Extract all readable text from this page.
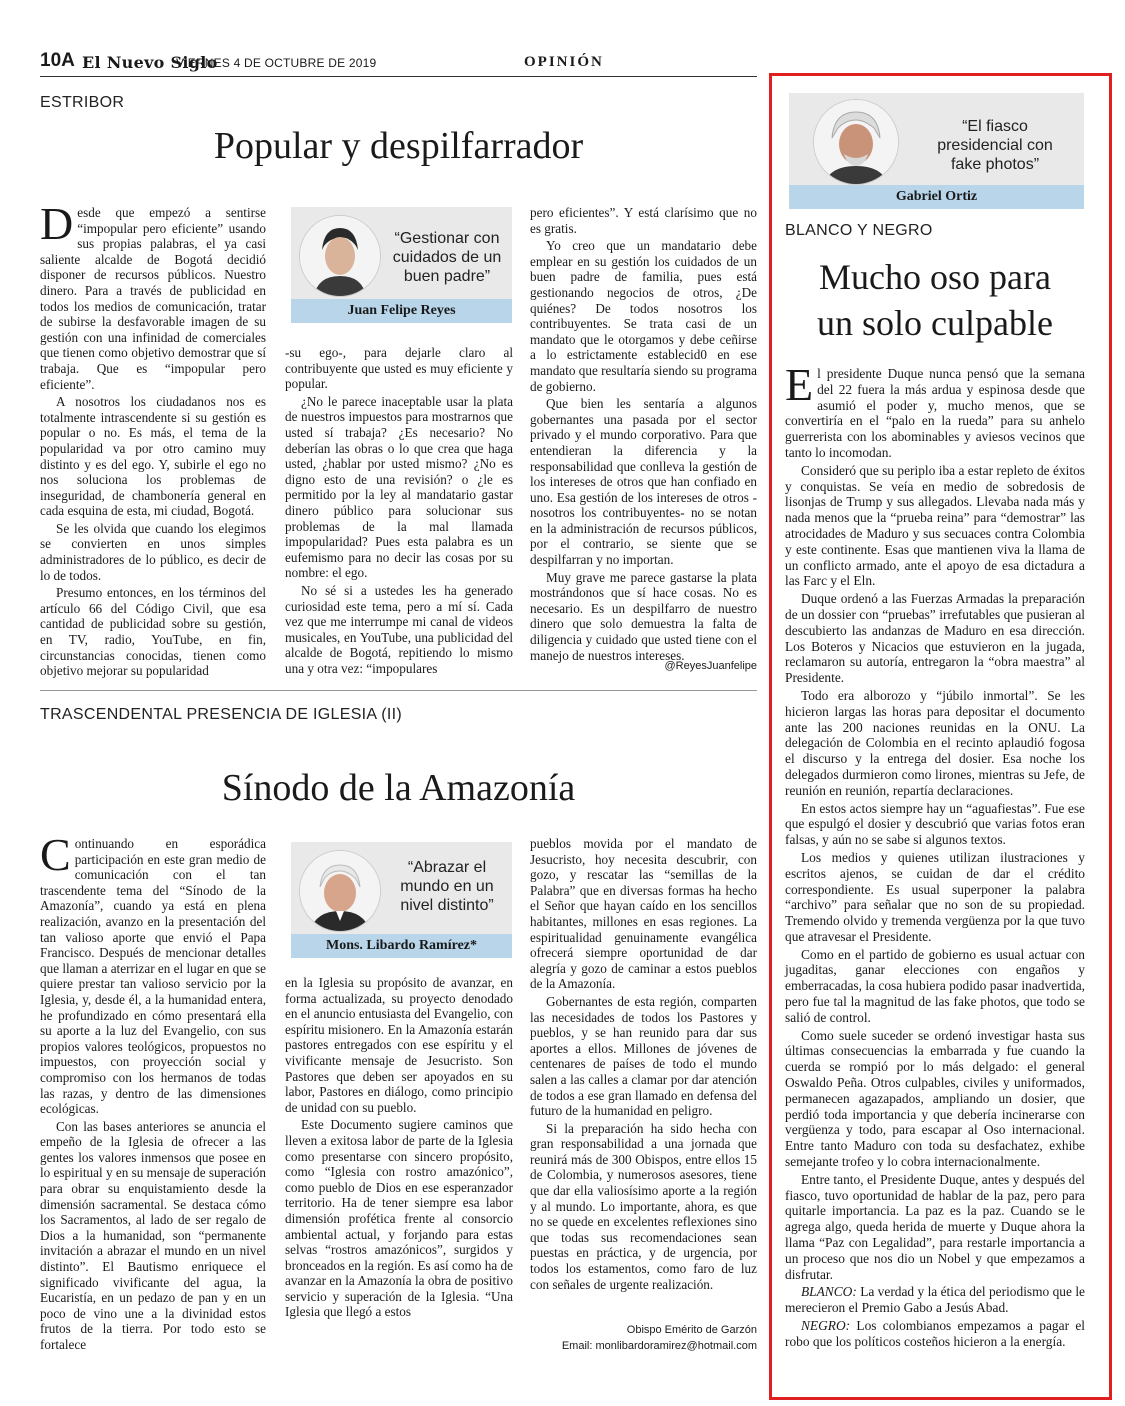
10A El Nuevo Siglo
VIERNES 4 DE OCTUBRE DE 2019	OPINIÓN
ESTRIBOR
Popular y despilfarrador

Desde que empezó a sentirse “impopular pero eficiente” usando sus propias palabras, el ya casi saliente alcalde de Bogotá decidió disponer de recursos públicos. Nuestro dinero. Para a través de publicidad en todos los medios de comunicación, tratar de subirse la desfavorable imagen de su gestión con una infinidad de comerciales que tienen como objetivo demostrar que sí trabaja. Que es “impopular pero eficiente”.

A nosotros los ciudadanos nos es totalmente intrascendente si su gestión es popular o no. Es más, el tema de la popularidad va por otro camino muy distinto y es del ego. Y, subirle el ego no nos soluciona los problemas de inseguridad, de chambonería general en cada esquina de esta, mi ciudad, Bogotá.

Se les olvida que cuando los elegimos se convierten en unos simples administradores de lo público, es decir de lo de todos.

Presumo entonces, en los términos del artículo 66 del Código Civil, que esa cantidad de publicidad sobre su gestión, en TV, radio, YouTube, en fin, circunstancias conocidas, tienen como objetivo mejorar su popularidad

“Gestionar con cuidados de un buen padre”
Juan Felipe Reyes

-su ego-, para dejarle claro al contribuyente que usted es muy eficiente y popular.

¿No le parece inaceptable usar la plata de nuestros impuestos para mostrarnos que usted sí trabaja? ¿Es necesario? No deberían las obras o lo que crea que haga usted, ¿hablar por usted mismo? ¿No es digno esto de una revisión? o ¿le es permitido por la ley al mandatario gastar dinero público para solucionar sus problemas de la mal llamada impopularidad? Pues esta palabra es un eufemismo para no decir las cosas por su nombre: el ego.

No sé si a ustedes les ha generado curiosidad este tema, pero a mí sí. Cada vez que me interrumpe mi canal de videos musicales, en YouTube, una publicidad del alcalde de Bogotá, repitiendo lo mismo una y otra vez: “impopulares

pero eficientes”. Y está clarísimo que no es gratis.

Yo creo que un mandatario debe emplear en su gestión los cuidados de un buen padre de familia, pues está gestionando negocios de otros, ¿De quiénes? De todos nosotros los contribuyentes. Se trata casi de un mandato que le otorgamos y debe ceñirse a lo estrictamente establecid0 en ese mandato que resultaría siendo su programa de gobierno.

Que bien les sentaría a algunos gobernantes una pasada por el sector privado y el mundo corporativo. Para que entendieran la diferencia y la responsabilidad que conlleva la gestión de los intereses de otros que han confiado en uno. Esa gestión de los intereses de otros -nosotros los contribuyentes- no se notan en la administración de recursos públicos, por el contrario, se siente que se despilfarran y no importan.

Muy grave me parece gastarse la plata mostrándonos que sí hace cosas. No es necesario. Es un despilfarro de nuestro dinero que solo demuestra la falta de diligencia y cuidado que usted tiene con el manejo de nuestros intereses.

@ReyesJuanfelipe
TRASCENDENTAL PRESENCIA DE IGLESIA (II)
Sínodo de la Amazonía

Continuando en esporádica participación en este gran medio de comunicación con el tan trascendente tema del “Sínodo de la Amazonía”, cuando ya está en plena realización, avanzo en la presentación del tan valioso aporte que envió el Papa Francisco. Después de mencionar detalles que llaman a aterrizar en el lugar en que se quiere prestar tan valioso servicio por la Iglesia, y, desde él, a la humanidad entera, he profundizado en cómo presentará ella su aporte a la luz del Evangelio, con sus propios valores teológicos, propuestos no impuestos, con proyección social y compromiso con los hermanos de todas las razas, y dentro de las dimensiones ecológicas.

Con las bases anteriores se anuncia el empeño de la Iglesia de ofrecer a las gentes los valores inmensos que posee en lo espiritual y en su mensaje de superación para obrar su enquistamiento desde la dimensión sacramental. Se destaca cómo los Sacramentos, al lado de ser regalo de Dios a la humanidad, son “permanente invitación a abrazar el mundo en un nivel distinto”. El Bautismo enriquece el significado vivificante del agua, la Eucaristía, en un pedazo de pan y en un poco de vino une a la divinidad estos frutos de la tierra. Por todo esto se fortalece

“Abrazar el mundo en un nivel distinto”
Mons. Libardo Ramírez*

en la Iglesia su propósito de avanzar, en forma actualizada, su proyecto denodado en el anuncio entusiasta del Evangelio, con espíritu misionero. En la Amazonía estarán pastores entregados con ese espíritu y el vivificante mensaje de Jesucristo. Son Pastores que deben ser apoyados en su labor, Pastores en diálogo, como principio de unidad con su pueblo.

Este Documento sugiere caminos que lleven a exitosa labor de parte de la Iglesia como presentarse con sincero propósito, como “Iglesia con rostro amazónico”, como pueblo de Dios en ese esperanzador territorio. Ha de tener siempre esa labor dimensión profética frente al consorcio ambiental actual, y forjando para estas selvas “rostros amazónicos”, surgidos y bronceados en la región. Es así como ha de avanzar en la Amazonía la obra de positivo servicio y superación de la Iglesia. “Una Iglesia que llegó a estos

pueblos movida por el mandato de Jesucristo, hoy necesita descubrir, con gozo, y rescatar las “semillas de la Palabra” que en diversas formas ha hecho el Señor que hayan caído en los sencillos habitantes, millones en esas regiones. La espiritualidad genuinamente evangélica ofrecerá siempre oportunidad de dar alegría y gozo de caminar a estos pueblos de la Amazonía.

Gobernantes de esta región, comparten las necesidades de todos los Pastores y pueblos, y se han reunido para dar sus aportes a ellos. Millones de jóvenes de centenares de países de todo el mundo salen a las calles a clamar por dar atención de todos a ese gran llamado en defensa del futuro de la humanidad en peligro.

Si la preparación ha sido hecha con gran responsabilidad a una jornada que reunirá más de 300 Obispos, entre ellos 15 de Colombia, y numerosos asesores, tiene que dar ella valiosísimo aporte a la región y al mundo. Lo importante, ahora, es que no se quede en excelentes reflexiones sino que todas sus recomendaciones sean puestas en práctica, y de urgencia, por todos los estamentos, como faro de luz con señales de urgente realización.

Obispo Emérito de Garzón
Email: monlibardoramirez@hotmail.com
“El fiasco presidencial con fake photos”
Gabriel Ortiz
BLANCO Y NEGRO
Mucho oso para
un solo culpable

El presidente Duque nunca pensó que la semana del 22 fuera la más ardua y espinosa desde que asumió el poder y, mucho menos, que se convertiría en el “palo en la rueda” para su anhelo guerrerista con los abominables y aviesos vecinos que tanto lo incomodan.

Consideró que su periplo iba a estar repleto de éxitos y conquistas. Se veía en medio de sobredosis de lisonjas de Trump y sus allegados. Llevaba nada más y nada menos que la “prueba reina” para “demostrar” las atrocidades de Maduro y sus secuaces contra Colombia y este continente. Esas que mantienen viva la llama de un conflicto armado, ante el apoyo de esa dictadura a las Farc y el Eln.

Duque ordenó a las Fuerzas Armadas la preparación de un dossier con “pruebas” irrefutables que pusieran al descubierto las andanzas de Maduro en esa dirección. Los Boteros y Nicacios que estuvieron en la jugada, reclamaron su autoría, entregaron la “obra maestra” al Presidente.

Todo era alborozo y “júbilo inmortal”. Se les hicieron largas las horas para depositar el documento ante las 200 naciones reunidas en la ONU. La delegación de Colombia en el recinto aplaudió fogosa el discurso y la entrega del dosier. Esa noche los delegados durmieron como lirones, mientras su Jefe, de reunión en reunión, repartía declaraciones.

En estos actos siempre hay un “aguafiestas”. Fue ese que espulgó el dosier y descubrió que varias fotos eran falsas, y aún no se sabe si algunos textos.

Los medios y quienes utilizan ilustraciones y escritos ajenos, se cuidan de dar el crédito correspondiente. Es usual superponer la palabra “archivo” para señalar que no son de su propiedad. Tremendo olvido y tremenda vergüenza por la que tuvo que atravesar el Presidente.

Como en el partido de gobierno es usual actuar con jugaditas, ganar elecciones con engaños y emberracadas, la cosa hubiera podido pasar inadvertida, pero fue tal la magnitud de las fake photos, que todo se salió de control.

Como suele suceder se ordenó investigar hasta sus últimas consecuencias la embarrada y fue cuando la cuerda se rompió por lo más delgado: el general Oswaldo Peña. Otros culpables, civiles y uniformados, permanecen agazapados, ampliando un dosier, que perdió toda importancia y que debería incinerarse con vergüenza y todo, para escapar al Oso internacional. Entre tanto Maduro con toda su desfachatez, exhibe semejante trofeo y lo cobra internacionalmente.

Entre tanto, el Presidente Duque, antes y después del fiasco, tuvo oportunidad de hablar de la paz, pero para quitarle importancia. La paz es la paz. Cuando se le agrega algo, queda herida de muerte y Duque ahora la llama “Paz con Legalidad”, para restarle importancia a un proceso que nos dio un Nobel y que empezamos a disfrutar.

BLANCO: La verdad y la ética del periodismo que le merecieron el Premio Gabo a Jesús Abad.

NEGRO: Los colombianos empezamos a pagar el robo que los políticos costeños hicieron a la energía.
